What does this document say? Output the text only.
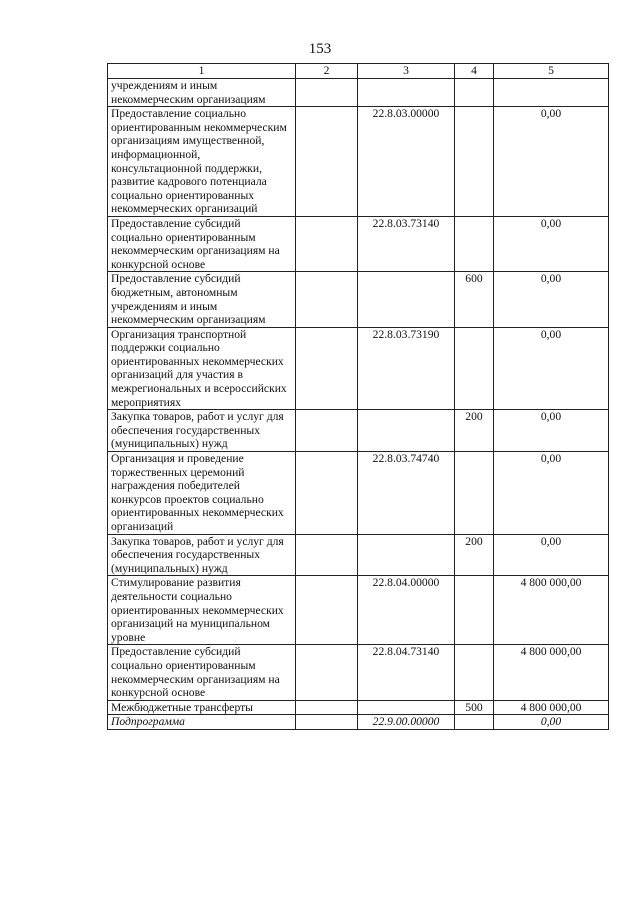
153
1	2	3	4	5
учреждениям и иным некоммерческим организациям				
Предоставление социально ориентированным некоммерческим организациям имущественной, информационной, консультационной поддержки, развитие кадрового потенциала социально ориентированных некоммерческих организаций		22.8.03.00000		0,00
Предоставление субсидий социально ориентированным некоммерческим организациям на конкурсной основе		22.8.03.73140		0,00
Предоставление субсидий бюджетным, автономным учреждениям и иным некоммерческим организациям			600	0,00
Организация транспортной поддержки социально ориентированных некоммерческих организаций для участия в межрегиональных и всероссийских мероприятиях		22.8.03.73190		0,00
Закупка товаров, работ и услуг для обеспечения государственных (муниципальных) нужд			200	0,00
Организация и проведение торжественных церемоний награждения победителей конкурсов проектов социально ориентированных некоммерческих организаций		22.8.03.74740		0,00
Закупка товаров, работ и услуг для обеспечения государственных (муниципальных) нужд			200	0,00
Стимулирование развития деятельности социально ориентированных некоммерческих организаций на муниципальном уровне		22.8.04.00000		4 800 000,00
Предоставление субсидий социально ориентированным некоммерческим организациям на конкурсной основе		22.8.04.73140		4 800 000,00
Межбюджетные трансферты			500	4 800 000,00
Подпрограмма		22.9.00.00000		0,00
